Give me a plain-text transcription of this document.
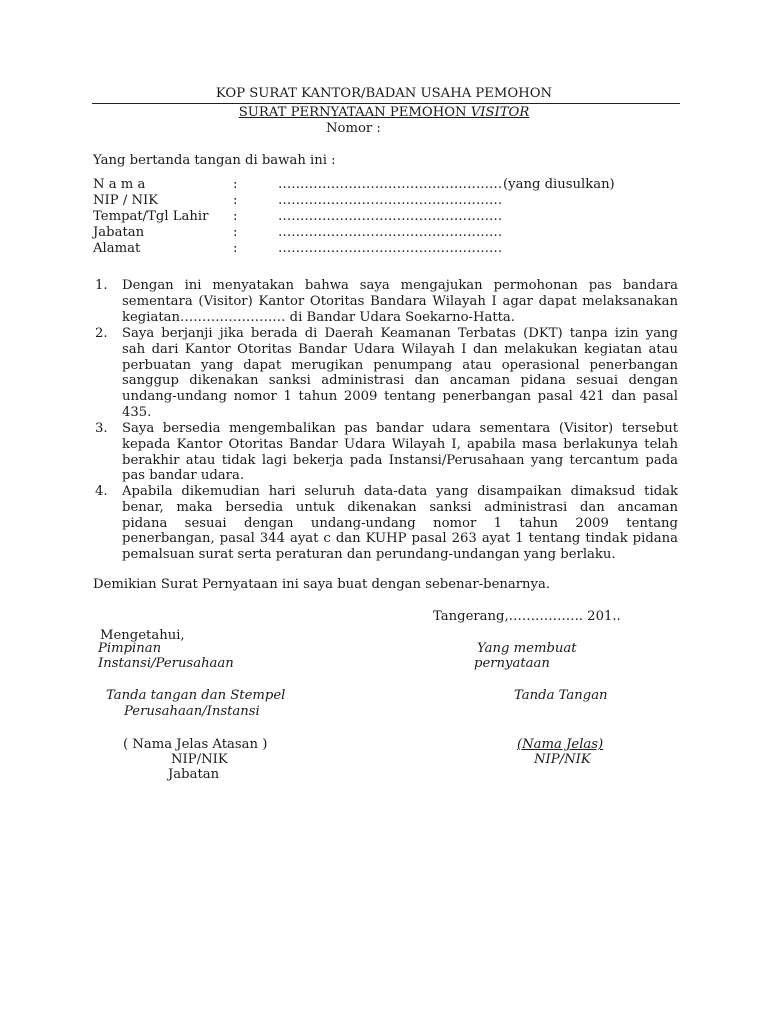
KOP SURAT KANTOR/BADAN USAHA PEMOHON
SURAT PERNYATAAN PEMOHON VISITOR
Nomor :
Yang bertanda tangan di bawah ini :
N a m a	:	…………………………………………… (yang diusulkan)
NIP / NIK	:	……………………………………………
Tempat/Tgl Lahir :	……………………………………………
Jabatan	:	……………………………………………
Alamat	:	……………………………………………
1. Dengan ini menyatakan bahwa saya mengajukan permohonan pas bandara
sementara (Visitor) Kantor Otoritas Bandara Wilayah I agar dapat melaksanakan
kegiatan…………………… di Bandar Udara Soekarno-Hatta.
2. Saya berjanji jika berada di Daerah Keamanan Terbatas (DKT) tanpa izin yang
sah dari Kantor Otoritas Bandar Udara Wilayah I dan melakukan kegiatan atau
perbuatan yang dapat merugikan penumpang atau operasional penerbangan
sanggup dikenakan sanksi administrasi dan ancaman pidana sesuai dengan
undang-undang nomor 1 tahun 2009 tentang penerbangan pasal 421 dan pasal
435.
3. Saya bersedia mengembalikan pas bandar udara sementara (Visitor) tersebut
kepada Kantor Otoritas Bandar Udara Wilayah I, apabila masa berlakunya telah
berakhir atau tidak lagi bekerja pada Instansi/Perusahaan yang tercantum pada
pas bandar udara.
4. Apabila dikemudian hari seluruh data-data yang disampaikan dimaksud tidak
benar, maka bersedia untuk dikenakan sanksi administrasi dan ancaman
pidana sesuai dengan undang-undang nomor 1 tahun 2009 tentang
penerbangan, pasal 344 ayat c dan KUHP pasal 263 ayat 1 tentang tindak pidana
pemalsuan surat serta peraturan dan perundang-undangan yang berlaku.
Demikian Surat Pernyataan ini saya buat dengan sebenar-benarnya.
Tangerang,…………….. 201..
Mengetahui,
Pimpinan
Instansi/Perusahaan
Tanda tangan dan Stempel
Perusahaan/Instansi
( Nama Jelas Atasan )
NIP/NIK
Jabatan
Yang membuat
pernyataan
Tanda Tangan
(Nama Jelas)
NIP/NIK
